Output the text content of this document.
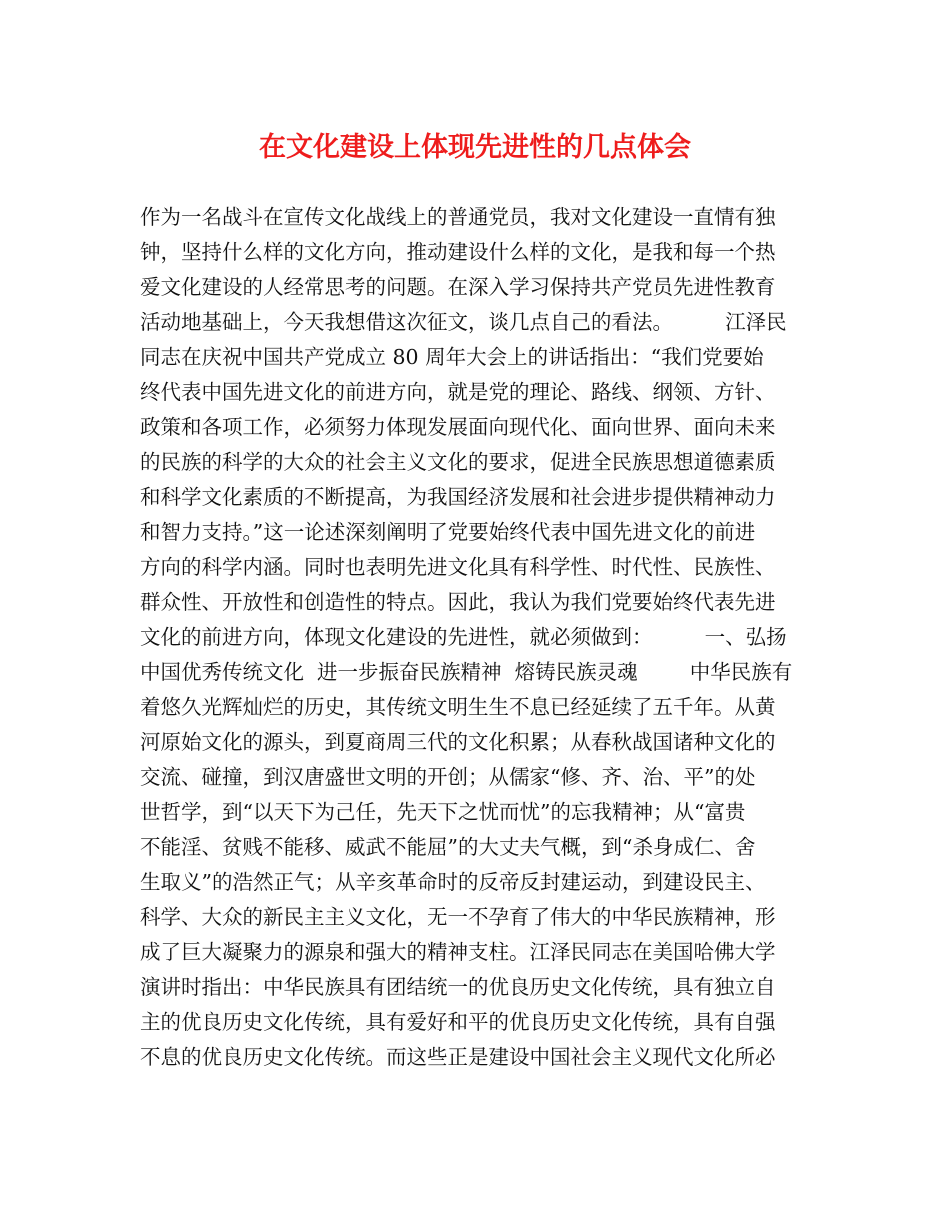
在文化建设上体现先进性的几点体会
作为一名战斗在宣传文化战线上的普通党员，我对文化建设一直情有独
钟，坚持什么样的文化方向，推动建设什么样的文化，是我和每一个热
爱文化建设的人经常思考的问题。在深入学习保持共产党员先进性教育
活动地基础上，今天我想借这次征文，谈几点自己的看法。        江泽民
同志在庆祝中国共产党成立 80 周年大会上的讲话指出：“我们党要始
终代表中国先进文化的前进方向，就是党的理论、路线、纲领、方针、
政策和各项工作，必须努力体现发展面向现代化、面向世界、面向未来
的民族的科学的大众的社会主义文化的要求，促进全民族思想道德素质
和科学文化素质的不断提高，为我国经济发展和社会进步提供精神动力
和智力支持。”这一论述深刻阐明了党要始终代表中国先进文化的前进
方向的科学内涵。同时也表明先进文化具有科学性、时代性、民族性、
群众性、开放性和创造性的特点。因此，我认为我们党要始终代表先进
文化的前进方向，体现文化建设的先进性，就必须做到：        一、弘扬
中国优秀传统文化  进一步振奋民族精神  熔铸民族灵魂        中华民族有
着悠久光辉灿烂的历史，其传统文明生生不息已经延续了五千年。从黄
河原始文化的源头，到夏商周三代的文化积累；从春秋战国诸种文化的
交流、碰撞，到汉唐盛世文明的开创；从儒家“修、齐、治、平”的处
世哲学，到“以天下为己任，先天下之忧而忧”的忘我精神；从“富贵
不能淫、贫贱不能移、威武不能屈”的大丈夫气概，到“杀身成仁、舍
生取义”的浩然正气；从辛亥革命时的反帝反封建运动，到建设民主、
科学、大众的新民主主义文化，无一不孕育了伟大的中华民族精神，形
成了巨大凝聚力的源泉和强大的精神支柱。江泽民同志在美国哈佛大学
演讲时指出：中华民族具有团结统一的优良历史文化传统，具有独立自
主的优良历史文化传统，具有爱好和平的优良历史文化传统，具有自强
不息的优良历史文化传统。而这些正是建设中国社会主义现代文化所必
